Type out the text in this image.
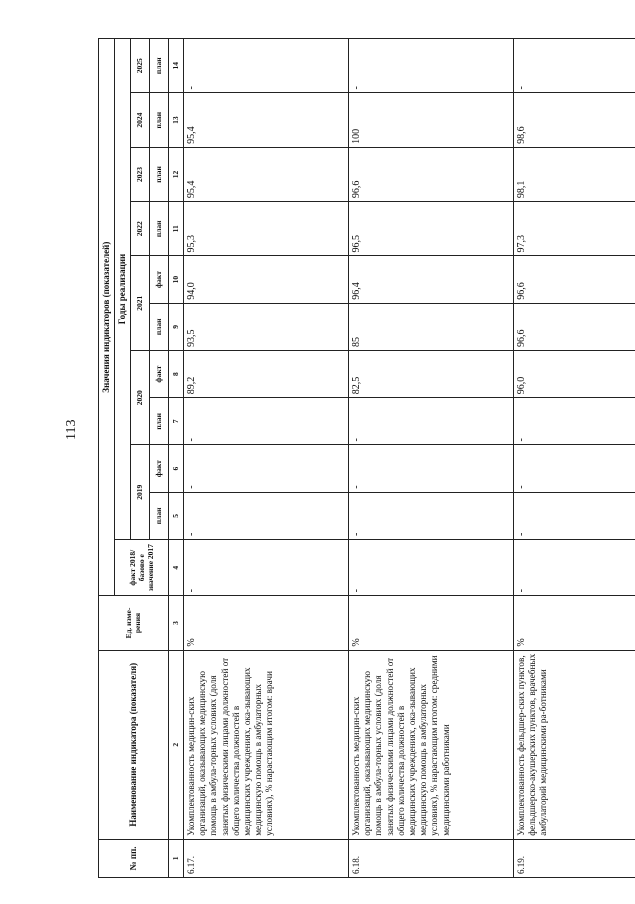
113
№ пп.	Наименование индикатора (показателя)	Ед. изме-рения	Значения индикаторов (показателей)										
			факт 2018/базово е значение 2017	Годы реализации									
				2019		2020		2021		2022	2023	2024	2025
				план	факт	план	факт	план	факт	план	план	план	план
1	2	3	4	5	6	7	8	9	10	11	12	13	14
6.17.	Укомплектованность медицин-ских организаций, оказывающих медицинскую помощь в амбула-торных условиях (доля занятых физическими лицами должностей от общего количества должностей в медицинских учреждениях, ока-зывающих медицинскую помощь в амбулаторных условиях), % нарастающим итогом: врачи	%	-	-	-	-	89,2	93,5	94,0	95,3	95,4	95,4	-
6.18.	Укомплектованность медицин-ских организаций, оказывающих медицинскую помощь в амбула-торных условиях (доля занятых физическими лицами должностей от общего количества должностей в медицинских учреждениях, ока-зывающих медицинскую помощь в амбулаторных условиях), % нарастающим итогом: средними медицинскими работниками	%	-	-	-	-	82,5	85	96,4	96,5	96,6	100	-
6.19.	Укомплектованность фельдшер-ских пунктов, фельдшерско-акушерских пунктов, врачебных амбулаторий медицинскими ра-ботниками	%	-	-	-	-	96,0	96,6	96,6	97,3	98,1	98,6	-
